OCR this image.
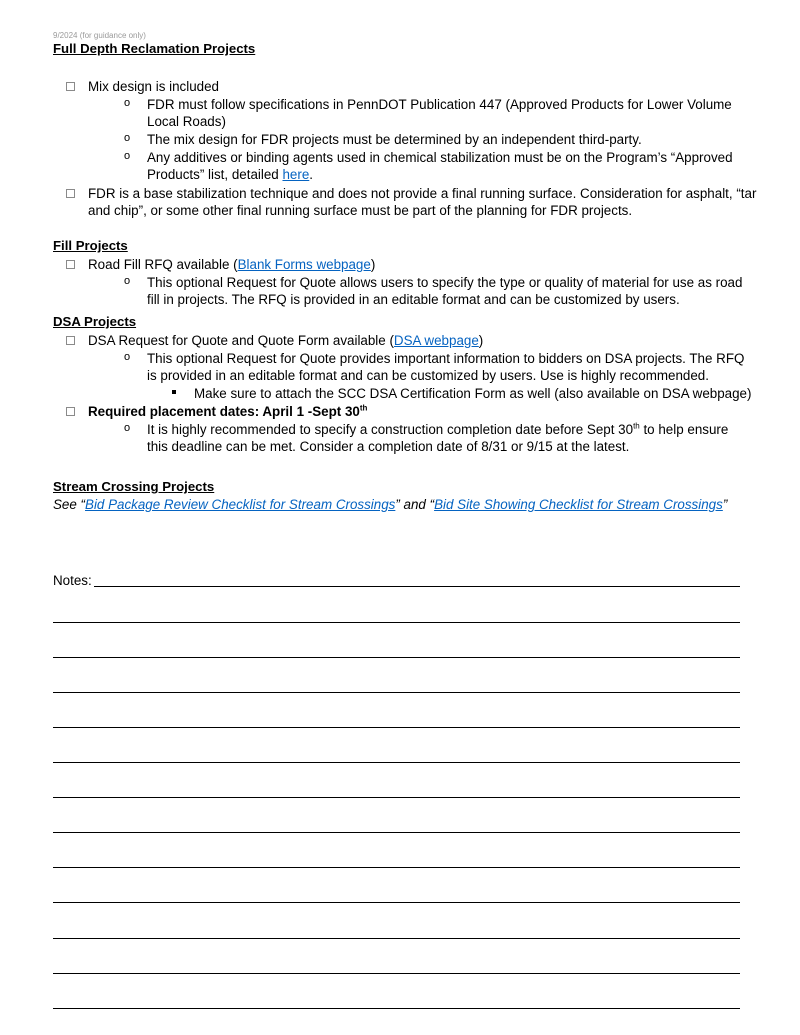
9/2024 (for guidance only)
Full Depth Reclamation Projects
Mix design is included
o FDR must follow specifications in PennDOT Publication 447 (Approved Products for Lower Volume
Local Roads)
o The mix design for FDR projects must be determined by an independent third-party.
o Any additives or binding agents used in chemical stabilization must be on the Program’s “Approved
Products” list, detailed here.
FDR is a base stabilization technique and does not provide a final running surface. Consideration for asphalt, “tar
and chip”, or some other final running surface must be part of the planning for FDR projects.
Fill Projects
Road Fill RFQ available (Blank Forms webpage)
o This optional Request for Quote allows users to specify the type or quality of material for use as road
fill in projects. The RFQ is provided in an editable format and can be customized by users.
DSA Projects
DSA Request for Quote and Quote Form available (DSA webpage)
o This optional Request for Quote provides important information to bidders on DSA projects. The RFQ
is provided in an editable format and can be customized by users. Use is highly recommended.
Make sure to attach the SCC DSA Certification Form as well (also available on DSA webpage)
Required placement dates: April 1 -Sept 30th
o It is highly recommended to specify a construction completion date before Sept 30th to help ensure
this deadline can be met. Consider a completion date of 8/31 or 9/15 at the latest.
Stream Crossing Projects
See “Bid Package Review Checklist for Stream Crossings” and “Bid Site Showing Checklist for Stream Crossings”
Notes:
